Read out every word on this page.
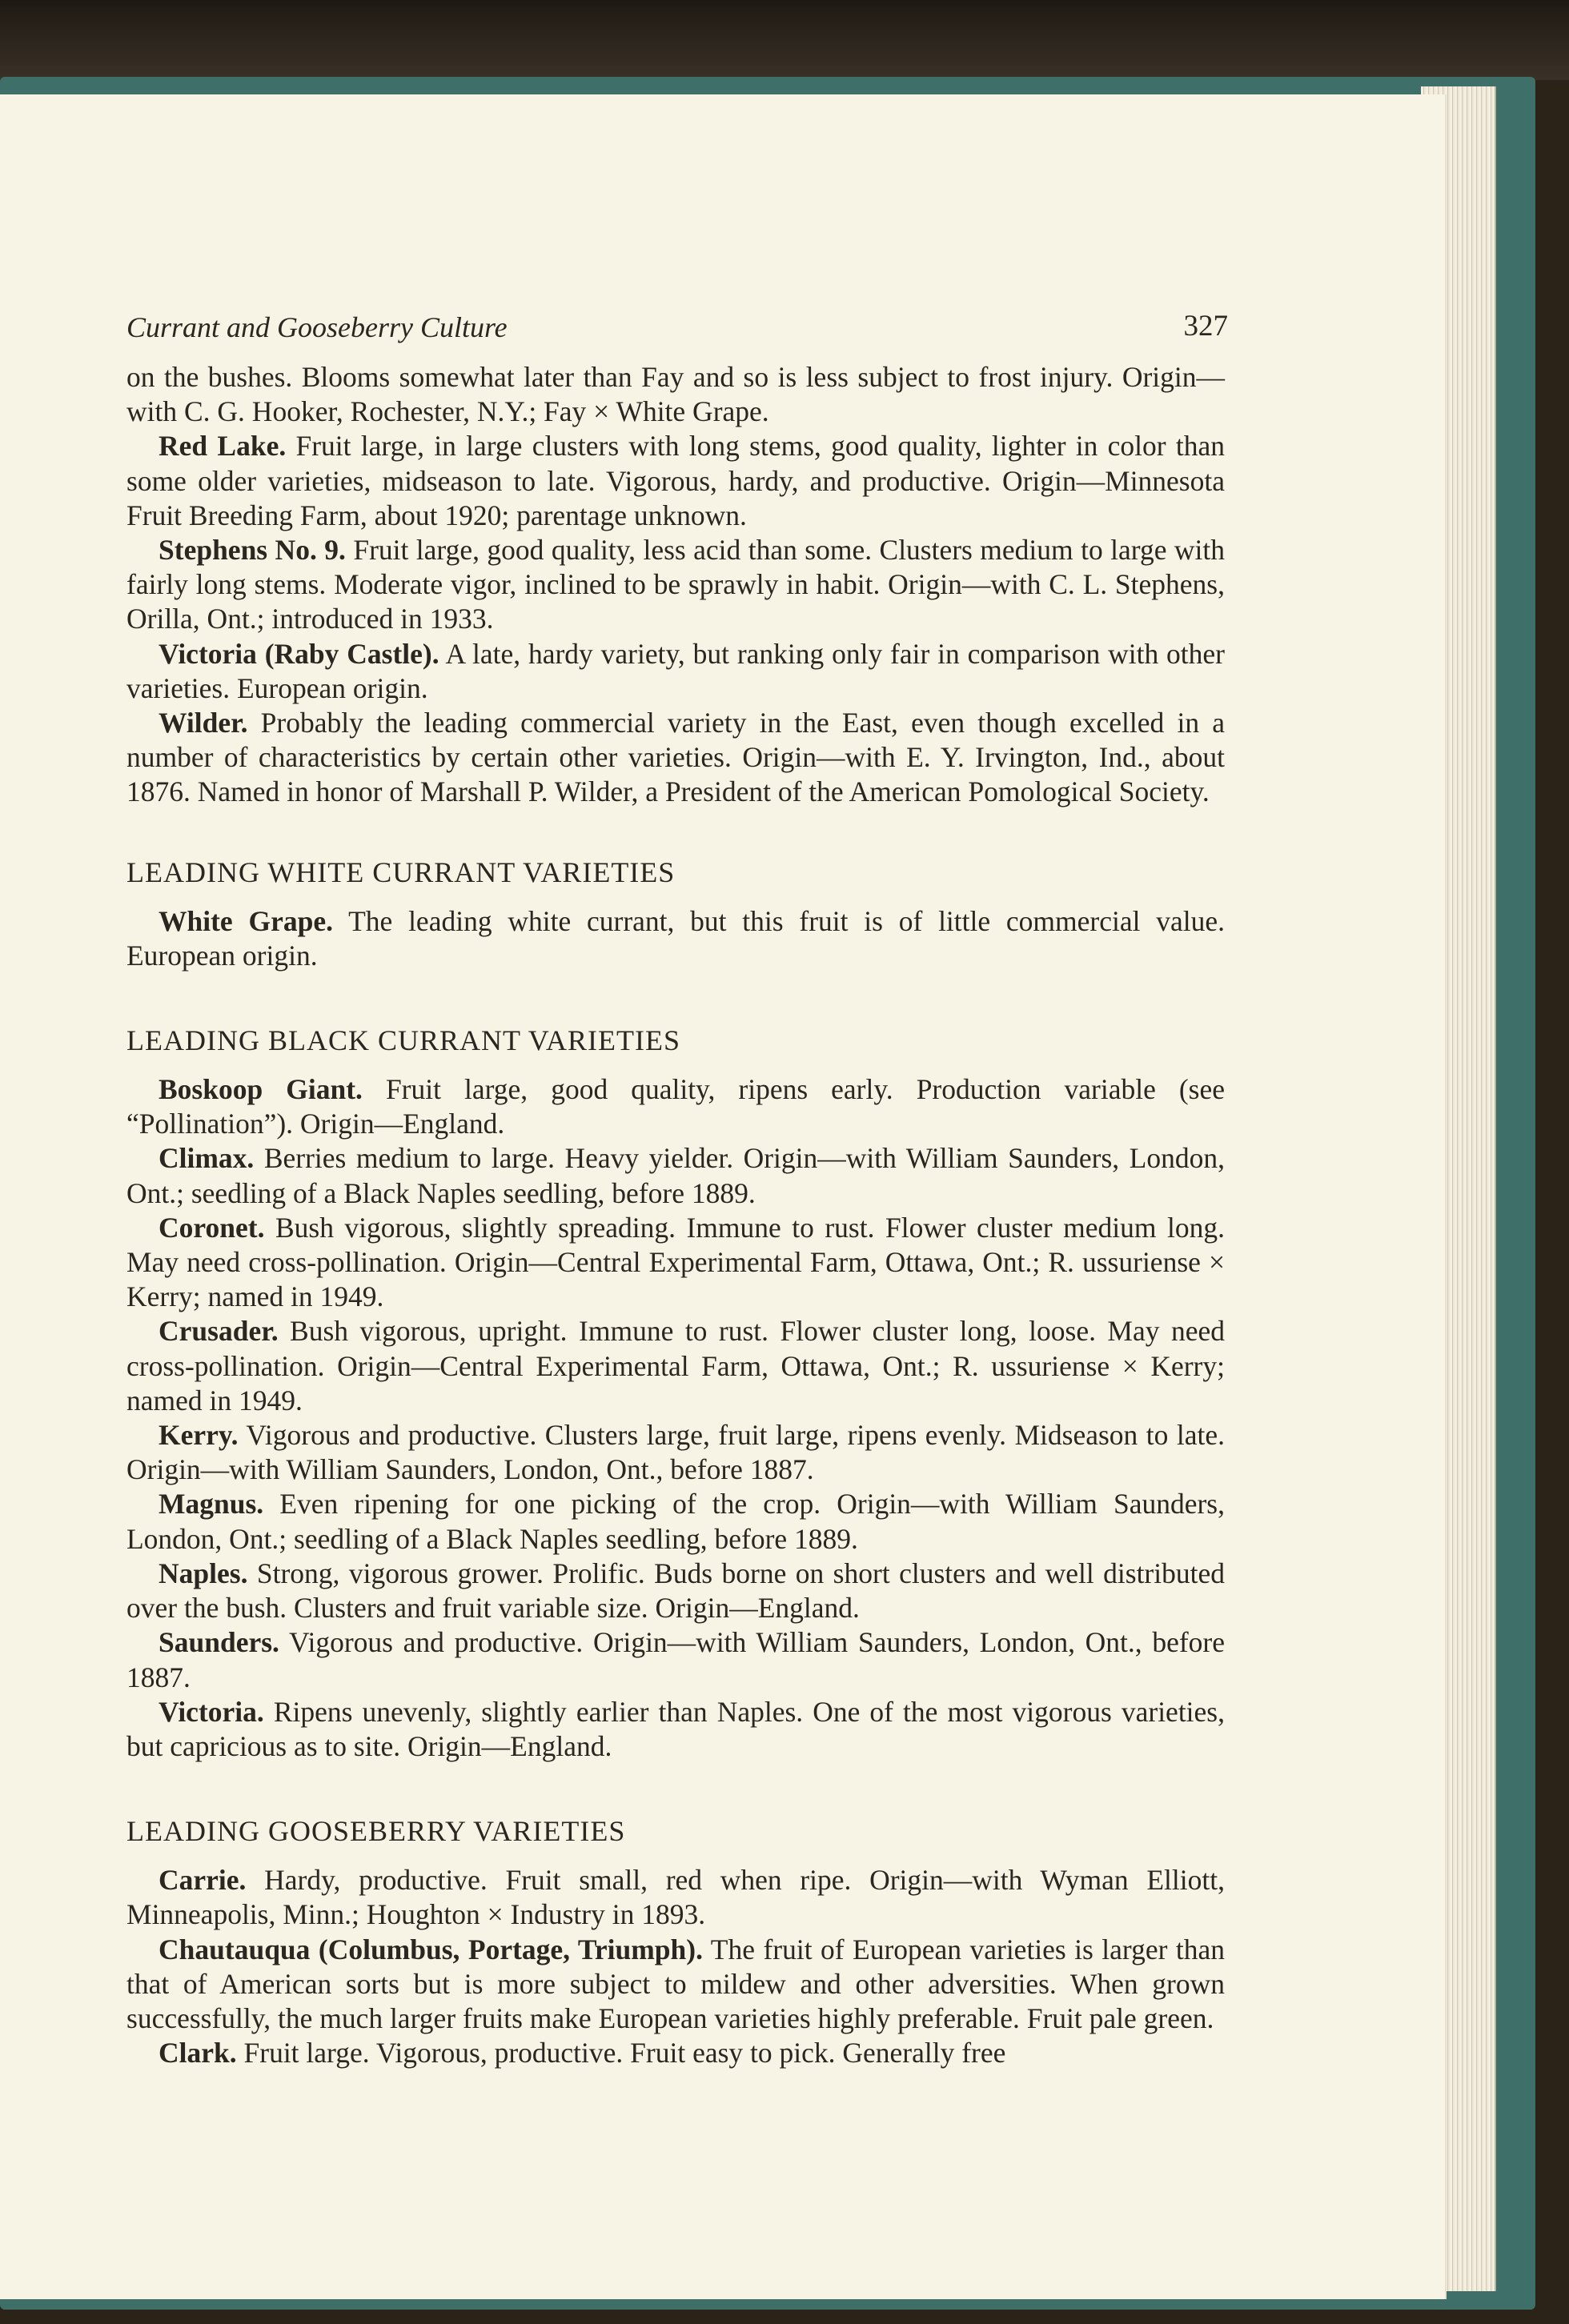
Currant and Gooseberry Culture	327

on the bushes. Blooms somewhat later than Fay and so is less subject to frost injury. Origin—with C. G. Hooker, Rochester, N.Y.; Fay × White Grape.

Red Lake. Fruit large, in large clusters with long stems, good quality, lighter in color than some older varieties, midseason to late. Vigorous, hardy, and productive. Origin—Minnesota Fruit Breeding Farm, about 1920; parentage unknown.

Stephens No. 9. Fruit large, good quality, less acid than some. Clusters medium to large with fairly long stems. Moderate vigor, inclined to be sprawly in habit. Origin—with C. L. Stephens, Orilla, Ont.; introduced in 1933.

Victoria (Raby Castle). A late, hardy variety, but ranking only fair in comparison with other varieties. European origin.

Wilder. Probably the leading commercial variety in the East, even though excelled in a number of characteristics by certain other varieties. Origin—with E. Y. Irvington, Ind., about 1876. Named in honor of Marshall P. Wilder, a President of the American Pomological Society.

LEADING WHITE CURRANT VARIETIES

White Grape. The leading white currant, but this fruit is of little commercial value. European origin.

LEADING BLACK CURRANT VARIETIES

Boskoop Giant. Fruit large, good quality, ripens early. Production variable (see “Pollination”). Origin—England.

Climax. Berries medium to large. Heavy yielder. Origin—with William Saunders, London, Ont.; seedling of a Black Naples seedling, before 1889.

Coronet. Bush vigorous, slightly spreading. Immune to rust. Flower cluster medium long. May need cross-pollination. Origin—Central Experimental Farm, Ottawa, Ont.; R. ussuriense × Kerry; named in 1949.

Crusader. Bush vigorous, upright. Immune to rust. Flower cluster long, loose. May need cross-pollination. Origin—Central Experimental Farm, Ottawa, Ont.; R. ussuriense × Kerry; named in 1949.

Kerry. Vigorous and productive. Clusters large, fruit large, ripens evenly. Midseason to late. Origin—with William Saunders, London, Ont., before 1887.

Magnus. Even ripening for one picking of the crop. Origin—with William Saunders, London, Ont.; seedling of a Black Naples seedling, before 1889.

Naples. Strong, vigorous grower. Prolific. Buds borne on short clusters and well distributed over the bush. Clusters and fruit variable size. Origin—England.

Saunders. Vigorous and productive. Origin—with William Saunders, London, Ont., before 1887.

Victoria. Ripens unevenly, slightly earlier than Naples. One of the most vigorous varieties, but capricious as to site. Origin—England.

LEADING GOOSEBERRY VARIETIES

Carrie. Hardy, productive. Fruit small, red when ripe. Origin—with Wyman Elliott, Minneapolis, Minn.; Houghton × Industry in 1893.

Chautauqua (Columbus, Portage, Triumph). The fruit of European varieties is larger than that of American sorts but is more subject to mildew and other adversities. When grown successfully, the much larger fruits make European varieties highly preferable. Fruit pale green.

Clark. Fruit large. Vigorous, productive. Fruit easy to pick. Generally free
